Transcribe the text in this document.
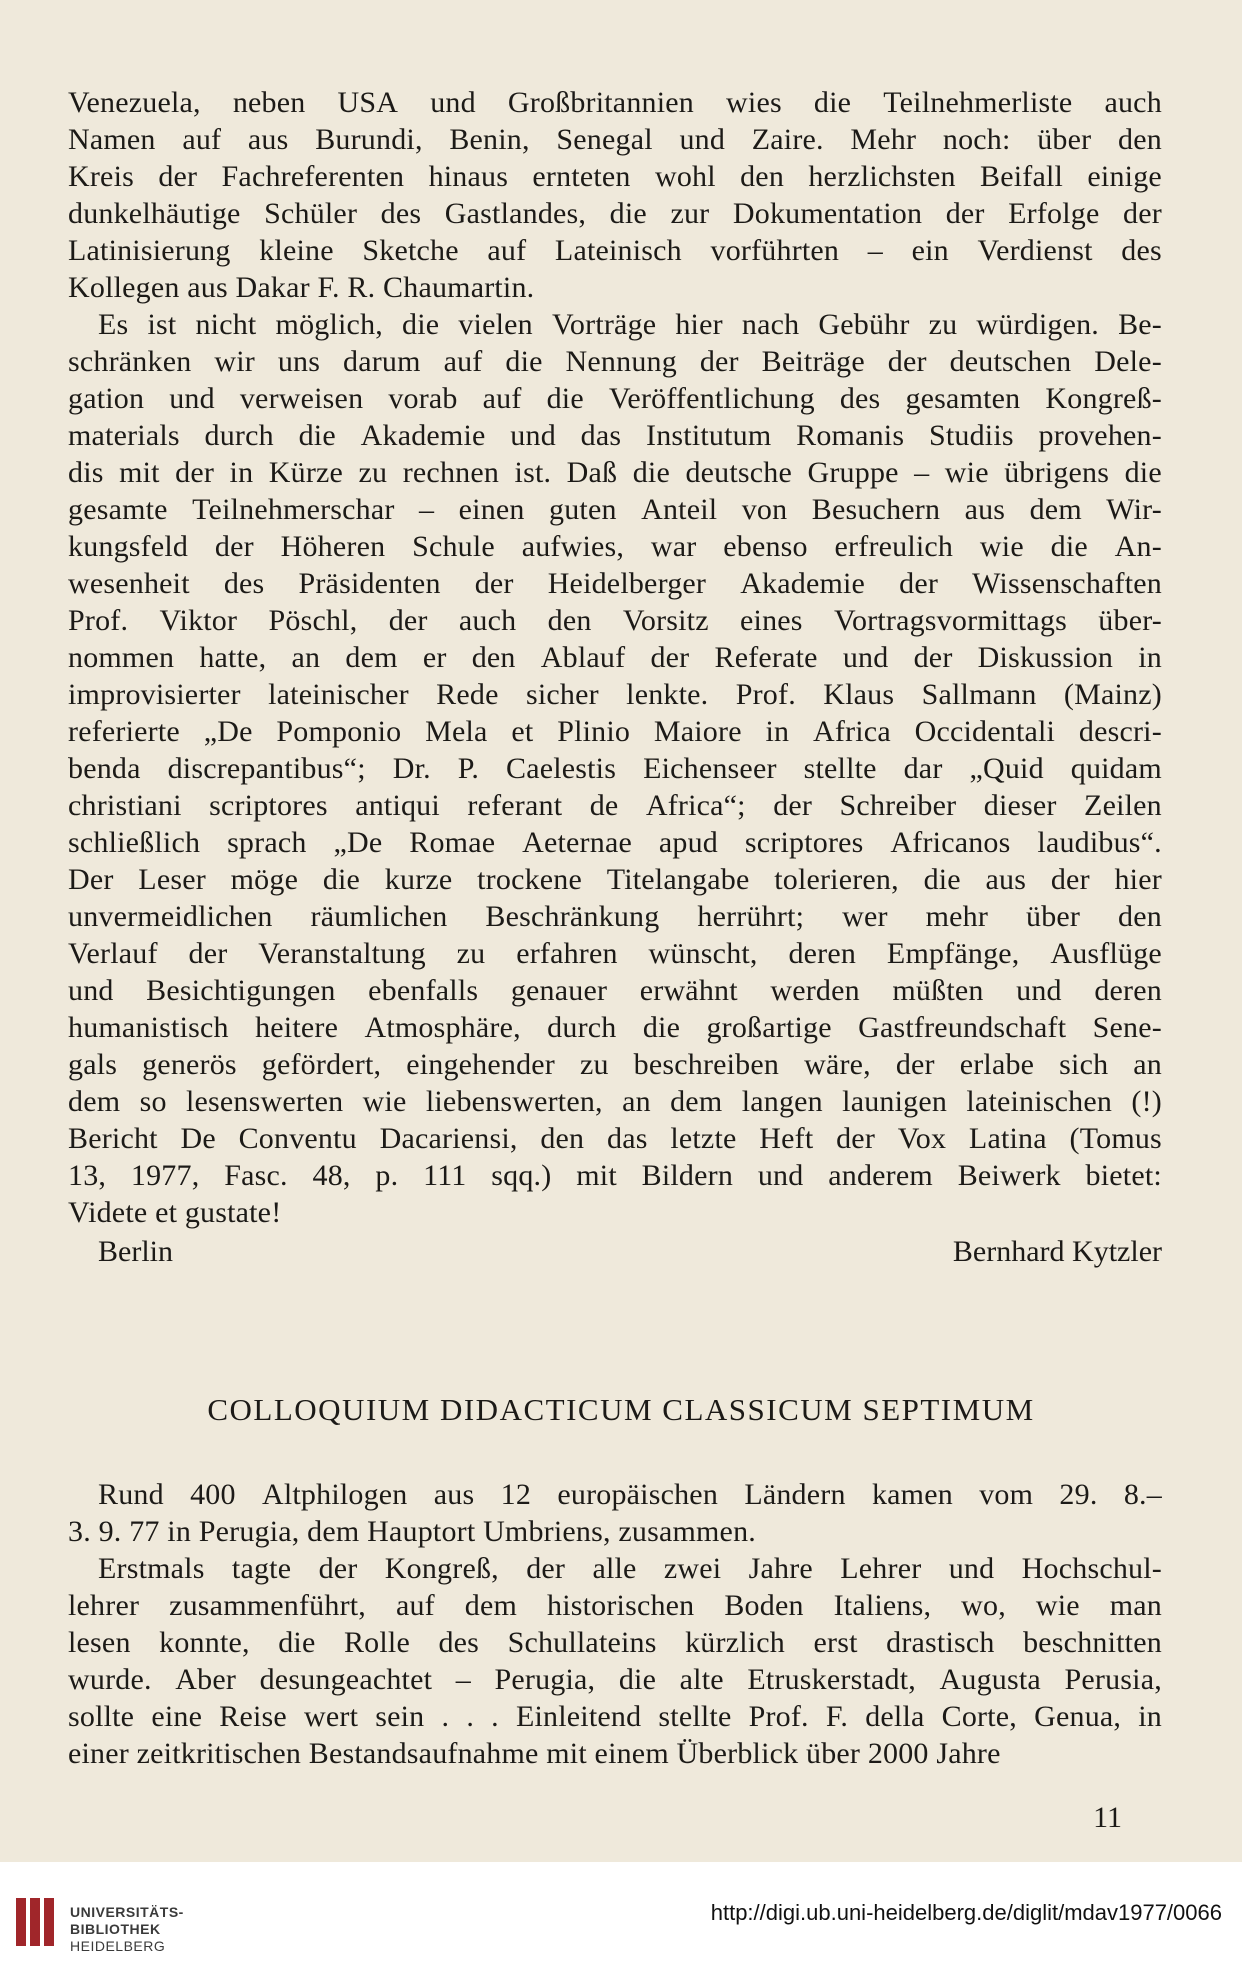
Venezuela, neben USA und Großbritannien wies die Teilnehmerliste auch
Namen auf aus Burundi, Benin, Senegal und Zaire. Mehr noch: über den
Kreis der Fachreferenten hinaus ernteten wohl den herzlichsten Beifall einige
dunkelhäutige Schüler des Gastlandes, die zur Dokumentation der Erfolge der
Latinisierung kleine Sketche auf Lateinisch vorführten – ein Verdienst des
Kollegen aus Dakar F. R. Chaumartin.
Es ist nicht möglich, die vielen Vorträge hier nach Gebühr zu würdigen. Be-
schränken wir uns darum auf die Nennung der Beiträge der deutschen Dele-
gation und verweisen vorab auf die Veröffentlichung des gesamten Kongreß-
materials durch die Akademie und das Institutum Romanis Studiis provehen-
dis mit der in Kürze zu rechnen ist. Daß die deutsche Gruppe – wie übrigens die
gesamte Teilnehmerschar – einen guten Anteil von Besuchern aus dem Wir-
kungsfeld der Höheren Schule aufwies, war ebenso erfreulich wie die An-
wesenheit des Präsidenten der Heidelberger Akademie der Wissenschaften
Prof. Viktor Pöschl, der auch den Vorsitz eines Vortragsvormittags über-
nommen hatte, an dem er den Ablauf der Referate und der Diskussion in
improvisierter lateinischer Rede sicher lenkte. Prof. Klaus Sallmann (Mainz)
referierte „De Pomponio Mela et Plinio Maiore in Africa Occidentali descri-
benda discrepantibus“; Dr. P. Caelestis Eichenseer stellte dar „Quid quidam
christiani scriptores antiqui referant de Africa“; der Schreiber dieser Zeilen
schließlich sprach „De Romae Aeternae apud scriptores Africanos laudibus“.
Der Leser möge die kurze trockene Titelangabe tolerieren, die aus der hier
unvermeidlichen räumlichen Beschränkung herrührt; wer mehr über den
Verlauf der Veranstaltung zu erfahren wünscht, deren Empfänge, Ausflüge
und Besichtigungen ebenfalls genauer erwähnt werden müßten und deren
humanistisch heitere Atmosphäre, durch die großartige Gastfreundschaft Sene-
gals generös gefördert, eingehender zu beschreiben wäre, der erlabe sich an
dem so lesenswerten wie liebenswerten, an dem langen launigen lateinischen (!)
Bericht De Conventu Dacariensi, den das letzte Heft der Vox Latina (Tomus
13, 1977, Fasc. 48, p. 111 sqq.) mit Bildern und anderem Beiwerk bietet:
Videte et gustate!
Berlin	Bernhard Kytzler
COLLOQUIUM DIDACTICUM CLASSICUM SEPTIMUM
Rund 400 Altphilogen aus 12 europäischen Ländern kamen vom 29. 8.–
3. 9. 77 in Perugia, dem Hauptort Umbriens, zusammen.
Erstmals tagte der Kongreß, der alle zwei Jahre Lehrer und Hochschul-
lehrer zusammenführt, auf dem historischen Boden Italiens, wo, wie man
lesen konnte, die Rolle des Schullateins kürzlich erst drastisch beschnitten
wurde. Aber desungeachtet – Perugia, die alte Etruskerstadt, Augusta Perusia,
sollte eine Reise wert sein . . . Einleitend stellte Prof. F. della Corte, Genua, in
einer zeitkritischen Bestandsaufnahme mit einem Überblick über 2000 Jahre
11
UNIVERSITÄTS-
BIBLIOTHEK
HEIDELBERG
http://digi.ub.uni-heidelberg.de/diglit/mdav1977/0066
